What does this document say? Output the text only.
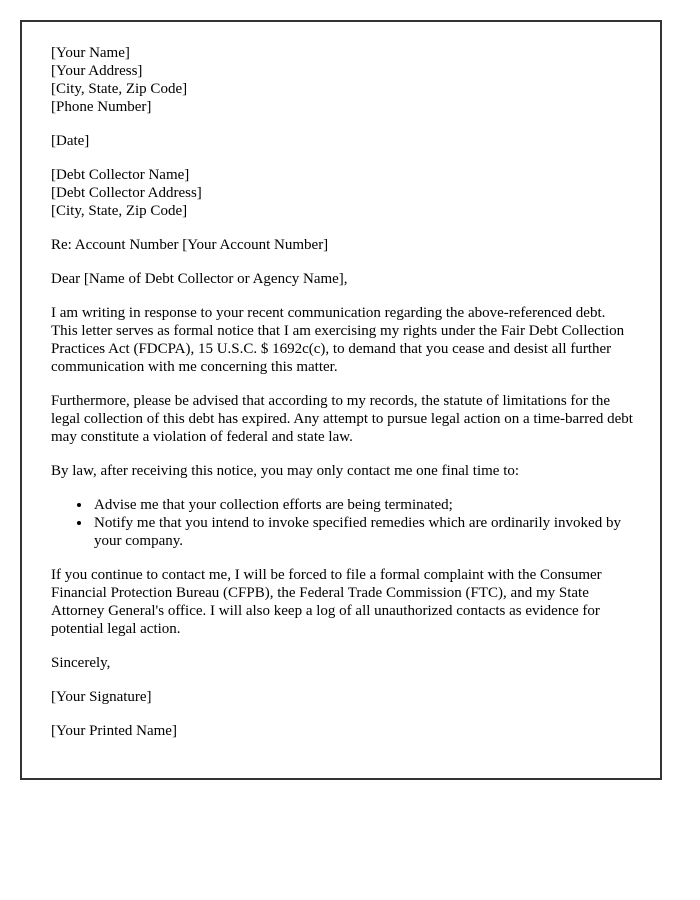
[Your Name]
[Your Address]
[City, State, Zip Code]
[Phone Number]
[Date]
[Debt Collector Name]
[Debt Collector Address]
[City, State, Zip Code]

Re: Account Number [Your Account Number]

Dear [Name of Debt Collector or Agency Name],

I am writing in response to your recent communication regarding the above-referenced debt. This letter serves as formal notice that I am exercising my rights under the Fair Debt Collection Practices Act (FDCPA), 15 U.S.C. $ 1692c(c), to demand that you cease and desist all further communication with me concerning this matter.

Furthermore, please be advised that according to my records, the statute of limitations for the legal collection of this debt has expired. Any attempt to pursue legal action on a time-barred debt may constitute a violation of federal and state law.

By law, after receiving this notice, you may only contact me one final time to:

• Advise me that your collection efforts are being terminated;
• Notify me that you intend to invoke specified remedies which are ordinarily invoked by your company.

If you continue to contact me, I will be forced to file a formal complaint with the Consumer Financial Protection Bureau (CFPB), the Federal Trade Commission (FTC), and my State Attorney General's office. I will also keep a log of all unauthorized contacts as evidence for potential legal action.

Sincerely,

[Your Signature]

[Your Printed Name]
